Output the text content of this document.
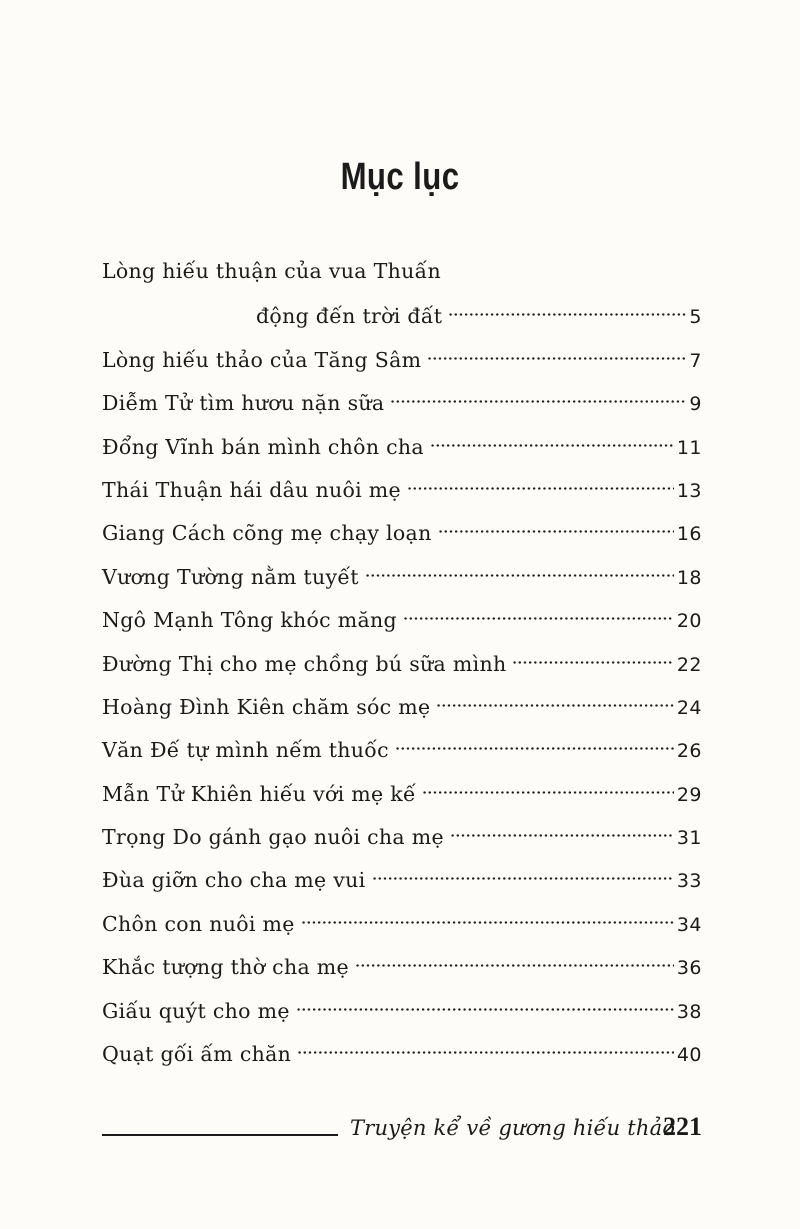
Mục lục
Lòng hiếu thuận của vua Thuấn
động đến trời đất	5
Lòng hiếu thảo của Tăng Sâm	7
Diễm Tử tìm hươu nặn sữa	9
Đổng Vĩnh bán mình chôn cha	11
Thái Thuận hái dâu nuôi mẹ	13
Giang Cách cõng mẹ chạy loạn	16
Vương Tường nằm tuyết	18
Ngô Mạnh Tông khóc măng	20
Đường Thị cho mẹ chồng bú sữa mình	22
Hoàng Đình Kiên chăm sóc mẹ	24
Văn Đế tự mình nếm thuốc	26
Mẫn Tử Khiên hiếu với mẹ kế	29
Trọng Do gánh gạo nuôi cha mẹ	31
Đùa giỡn cho cha mẹ vui	33
Chôn con nuôi mẹ	34
Khắc tượng thờ cha mẹ	36
Giấu quýt cho mẹ	38
Quạt gối ấm chăn	40
Truyện kể về gương hiếu thảo
221
